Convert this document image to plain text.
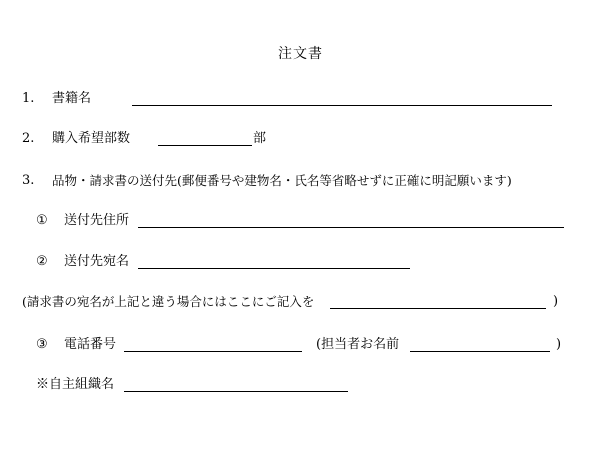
注文書
1. 書籍名
2. 購入希望部数	部
3. 品物・請求書の送付先(郵便番号や建物名・氏名等省略せずに正確に明記願います)
① 送付先住所
② 送付先宛名
(請求書の宛名が上記と違う場合にはここにご記入を	)
③ 電話番号	(担当者お名前	)
※自主組織名
